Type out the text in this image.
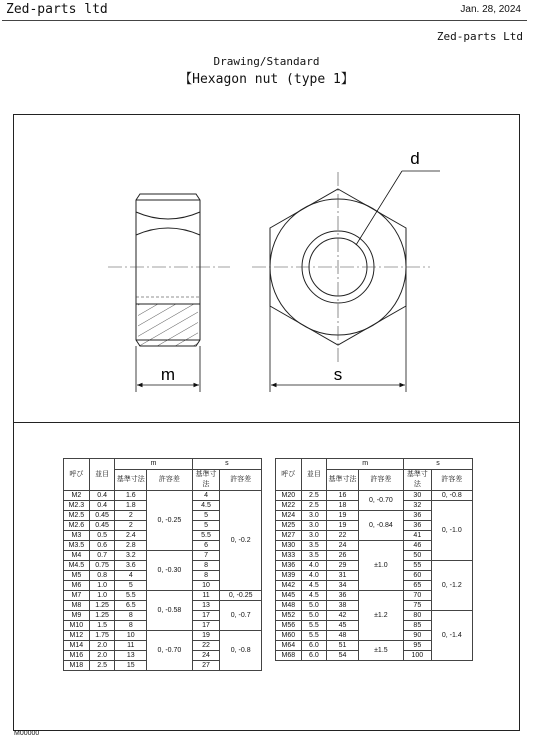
Zed-parts ltd	Jan. 28, 2024
Zed-parts Ltd
Drawing/Standard
【Hexagon nut (type 1】
m	s
d
呼び	並目	m		s	
		基準寸法	許容差	基準寸法	許容差
M2	0.4	1.6	0, -0.25	4	0, -0.2
M2.3	0.4	1.8		4.5	
M2.5	0.45	2		5	
M2.6	0.45	2		5	
M3	0.5	2.4		5.5	
M3.5	0.6	2.8		6	
M4	0.7	3.2	0, -0.30	7	
M4.5	0.75	3.6		8	
M5	0.8	4		8	
M6	1.0	5		10	
M7	1.0	5.5	0, -0.58	11	0, -0.25
M8	1.25	6.5		13	0, -0.7
M9	1.25	8		17	
M10	1.5	8		17	
M12	1.75	10	0, -0.70	19	0, -0.8
M14	2.0	11		22	
M16	2.0	13		24	
M18	2.5	15		27	
呼び	並目	m		s	
		基準寸法	許容差	基準寸法	許容差
M20	2.5	16	0, -0.70	30	0, -0.8
M22	2.5	18		32	0, -1.0
M24	3.0	19	0, -0.84	36	
M25	3.0	19		36	
M27	3.0	22		41	
M30	3.5	24	±1.0	46	
M33	3.5	26		50	
M36	4.0	29		55	0, -1.2
M39	4.0	31		60	
M42	4.5	34		65	
M45	4.5	36	±1.2	70	
M48	5.0	38		75	
M52	5.0	42		80	0, -1.4
M56	5.5	45		85	
M60	5.5	48		90	
M64	6.0	51	±1.5	95	
M68	6.0	54		100	
M00000
